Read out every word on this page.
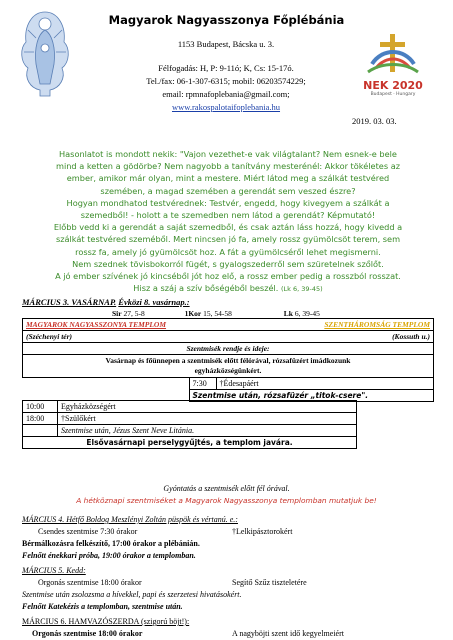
NEK 2020
Budapest · Hungary
Magyarok Nagyasszonya Főplébánia
1153 Budapest, Bácska u. 3.
Félfogadás: H, P: 9-11ó; K, Cs: 15-17ó.
Tel./fax: 06-1-307-6315; mobil: 06203574229;
email: rpmnafoplebania@gmail.com;
www.rakospalotaifoplebania.hu
2019. 03. 03.
Hasonlatot is mondott nekik: "Vajon vezethet-e vak világtalant? Nem esnek-e bele
mind a ketten a gödörbe? Nem nagyobb a tanítvány mesterénél: Akkor tökéletes az
ember, amikor már olyan, mint a mestere. Miért látod meg a szálkát testvéred
szemében, a magad szemében a gerendát sem veszed észre?
Hogyan mondhatod testvérednek: Testvér, engedd, hogy kivegyem a szálkát a
szemedből! - holott a te szemedben nem látod a gerendát? Képmutató!
Előbb vedd ki a gerendát a saját szemedből, és csak aztán láss hozzá, hogy kivedd a
szálkát testvéred szeméből. Mert nincsen jó fa, amely rossz gyümölcsöt terem, sem
rossz fa, amely jó gyümölcsöt hoz. A fát a gyümölcséről lehet megismerni.
Nem szednek tövisbokorról fügét, s gyalogszederről sem szüretelnek szőlőt.
A jó ember szívének jó kincséből jót hoz elő, a rossz ember pedig a rosszból rosszat.
Hisz a száj a szív bőségéből beszél. (Lk 6, 39-45)
MÁRCIUS 3. VASÁRNAP. Évközi 8. vasárnap.:
Sir 27, 5-8	1Kor 15, 54-58	Lk 6, 39-45
MAGYAROK NAGYASSZONYA TEMPLOM SZENTHÁROMSÁG TEMPLOM		

(Széchenyi tér) (Kossuth u.)		

Szentmisék rendje és ideje:		

Vasárnap és főünnepen a szentmisék előtt félórával, rózsafüzért imádkozunk
egyházközségünkért.		

	7:30	†Édesapáért
	Szentmise után, rózsafüzér „titok-csere".	
10:00	Egyházközségért
18:00	†Szülőkért
	Szentmise után, Jézus Szent Neve Litánia.
Elsővasárnapi perselygyűjtés, a templom javára.	
Gyóntatás a szentmisék előtt fél órával.
A hétköznapi szentmiséket a Magyarok Nagyasszonya templomban mutatjuk be!
MÁRCIUS 4. Hétfő Boldog Meszlényi Zoltán püspök és vértanú. e.:
Csendes szentmise 7:30 órakor	†Lelkipásztorokért
Bérmálkozásra felkészítő, 17:00 órakor a plébánián.
Felnőtt énekkari próba, 19:00 órakor a templomban.
MÁRCIUS 5. Kedd:
Orgonás szentmise 18:00 órakor	Segítő Szűz tiszteletére
Szentmise után zsolozsma a hívekkel, papi és szerzetesi hivatásokért.
Felnőtt Katekézis a templomban, szentmise után.
MÁRCIUS 6. HAMVAZÓSZERDA (szigorú böjt!):
Orgonás szentmise 18:00 órakor	A nagyböjti szent idő kegyelmeiért
